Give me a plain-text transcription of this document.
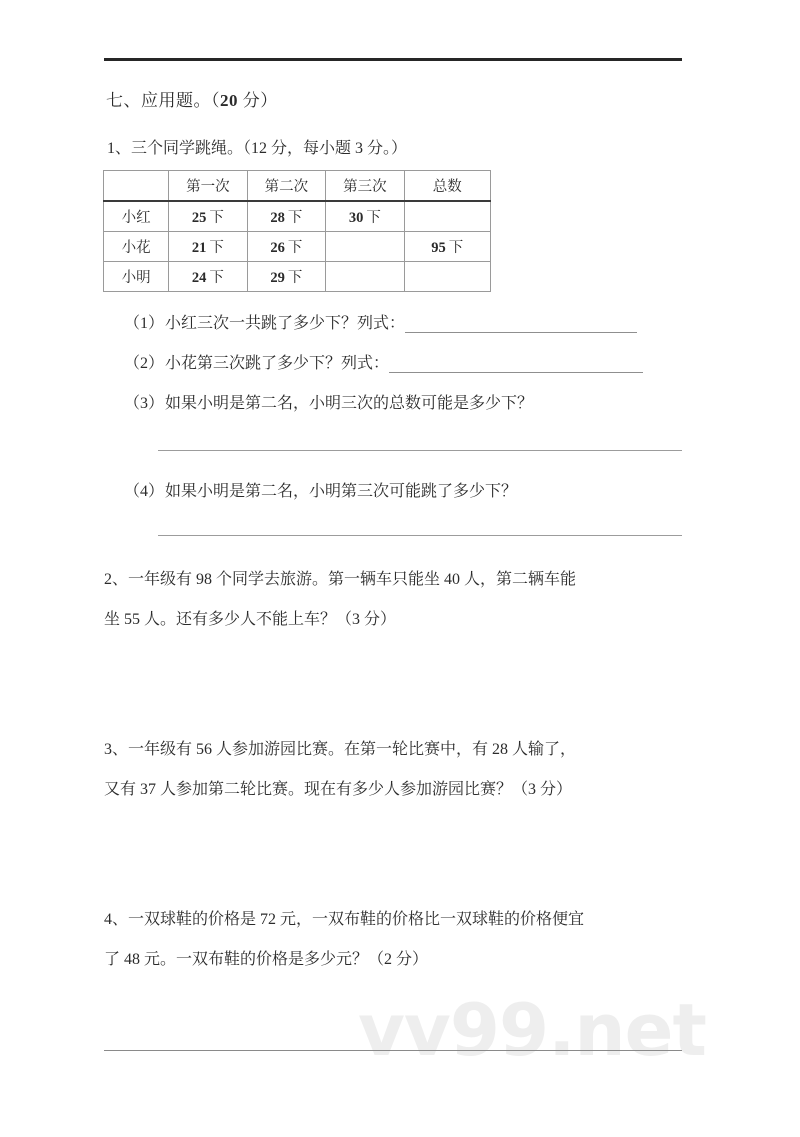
vv99.net
七、应用题。（20 分）
1、三个同学跳绳。（12 分，每小题 3 分。）
	第一次	第二次	第三次	总数
小红	25 下	28 下	30 下	
小花	21 下	26 下		95 下
小明	24 下	29 下		
（1）小红三次一共跳了多少下？列式：
（2）小花第三次跳了多少下？列式：
（3）如果小明是第二名，小明三次的总数可能是多少下？
（4）如果小明是第二名，小明第三次可能跳了多少下？
2、一年级有 98 个同学去旅游。第一辆车只能坐 40 人，第二辆车能
坐 55 人。还有多少人不能上车？（3 分）
3、一年级有 56 人参加游园比赛。在第一轮比赛中，有 28 人输了，
又有 37 人参加第二轮比赛。现在有多少人参加游园比赛？（3 分）
4、一双球鞋的价格是 72 元，一双布鞋的价格比一双球鞋的价格便宜
了 48 元。一双布鞋的价格是多少元？（2 分）
